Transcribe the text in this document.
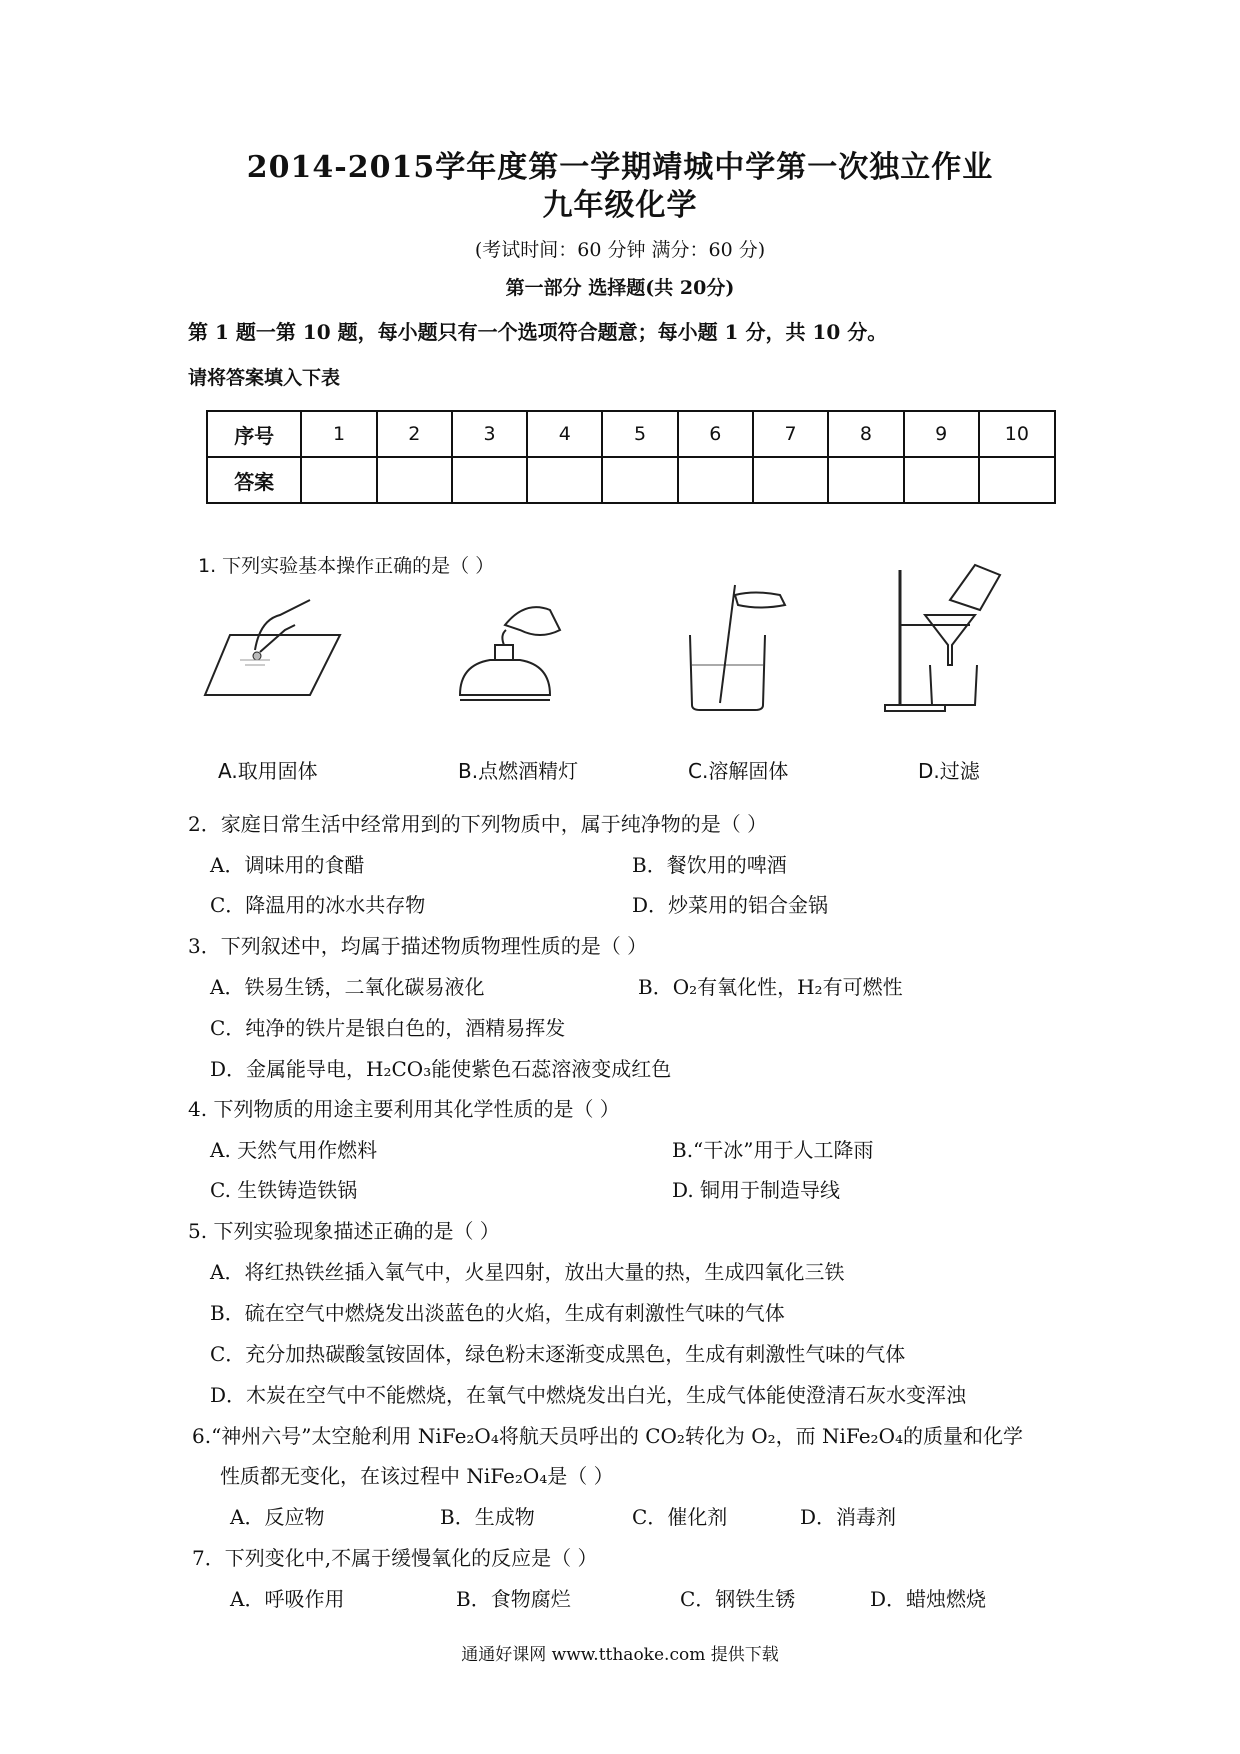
2014-2015学年度第一学期靖城中学第一次独立作业
九年级化学
(考试时间：60 分钟 满分：60 分)
第一部分 选择题(共 20分)
第 1 题一第 10 题，每小题只有一个选项符合题意；每小题 1 分，共 10 分。
请将答案填入下表
序号	1	2	3	4	5	6	7	8	9	10
答案										
1. 下列实验基本操作正确的是（ ）
A.取用固体	B.点燃酒精灯	C.溶解固体	D.过滤
2．家庭日常生活中经常用到的下列物质中，属于纯净物的是（ ）
A．调味用的食醋	B．餐饮用的啤酒
C．降温用的冰水共存物	D．炒菜用的铝合金锅
3．下列叙述中，均属于描述物质物理性质的是（ ）
A．铁易生锈，二氧化碳易液化	B．O₂有氧化性，H₂有可燃性
C．纯净的铁片是银白色的，酒精易挥发
D．金属能导电，H₂CO₃能使紫色石蕊溶液变成红色
4. 下列物质的用途主要利用其化学性质的是（ ）
A. 天然气用作燃料	B.“干冰”用于人工降雨
C. 生铁铸造铁锅	D. 铜用于制造导线
5. 下列实验现象描述正确的是（ ）
A．将红热铁丝插入氧气中，火星四射，放出大量的热，生成四氧化三铁
B．硫在空气中燃烧发出淡蓝色的火焰，生成有刺激性气味的气体
C．充分加热碳酸氢铵固体，绿色粉末逐渐变成黑色，生成有刺激性气味的气体
D．木炭在空气中不能燃烧，在氧气中燃烧发出白光，生成气体能使澄清石灰水变浑浊
6.“神州六号”太空舱利用 NiFe₂O₄将航天员呼出的 CO₂转化为 O₂，而 NiFe₂O₄的质量和化学
性质都无变化，在该过程中 NiFe₂O₄是（ ）
A．反应物	B．生成物	C．催化剂	D．消毒剂
7．下列变化中,不属于缓慢氧化的反应是（ ）
A．呼吸作用	B．食物腐烂	C．钢铁生锈	D．蜡烛燃烧
通通好课网 www.tthaoke.com 提供下载
